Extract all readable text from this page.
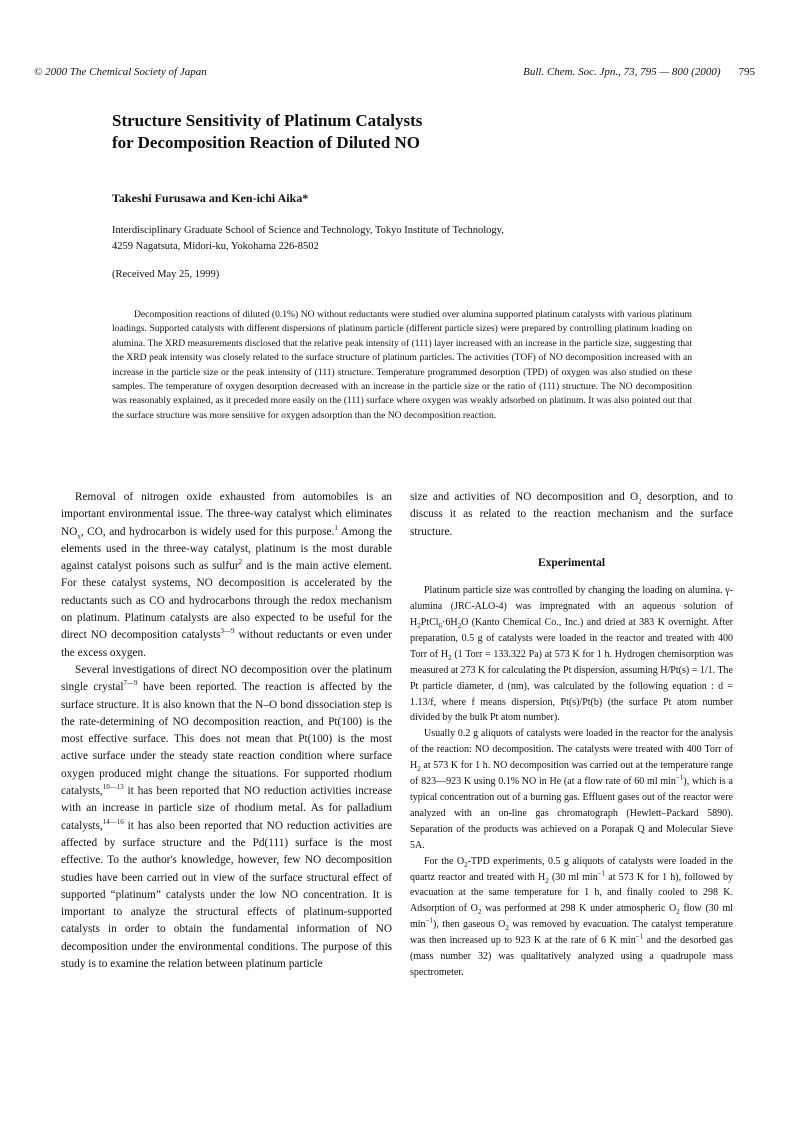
© 2000 The Chemical Society of Japan	Bull. Chem. Soc. Jpn., 73, 795 — 800 (2000) 795
Structure Sensitivity of Platinum Catalysts
for Decomposition Reaction of Diluted NO
Takeshi Furusawa and Ken-ichi Aika*
Interdisciplinary Graduate School of Science and Technology, Tokyo Institute of Technology,
4259 Nagatsuta, Midori-ku, Yokohama 226-8502
(Received May 25, 1999)
Decomposition reactions of diluted (0.1%) NO without reductants were studied over alumina supported platinum catalysts with various platinum loadings. Supported catalysts with different dispersions of platinum particle (different particle sizes) were prepared by controlling platinum loading on alumina. The XRD measurements disclosed that the relative peak intensity of (111) layer increased with an increase in the particle size, suggesting that the XRD peak intensity was closely related to the surface structure of platinum particles. The activities (TOF) of NO decomposition increased with an increase in the particle size or the peak intensity of (111) structure. Temperature programmed desorption (TPD) of oxygen was also studied on these samples. The temperature of oxygen desorption decreased with an increase in the particle size or the ratio of (111) structure. The NO decomposition was reasonably explained, as it preceded more easily on the (111) surface where oxygen was weakly adsorbed on platinum. It was also pointed out that the surface structure was more sensitive for oxygen adsorption than the NO decomposition reaction.

Removal of nitrogen oxide exhausted from automobiles is an important environmental issue. The three-way catalyst which eliminates $NO_x$, CO, and hydrocarbon is widely used for this purpose.$^1$ Among the elements used in the three-way catalyst, platinum is the most durable against catalyst poisons such as sulfur$^2$ and is the main active element. For these catalyst systems, NO decomposition is accelerated by the reductants such as CO and hydrocarbons through the redox mechanism on platinum. Platinum catalysts are also expected to be useful for the direct NO decomposition catalysts$^{3—9}$ without reductants or even under the excess oxygen.

Several investigations of direct NO decomposition over the platinum single crystal$^{7—9}$ have been reported. The reaction is affected by the surface structure. It is also known that the N–O bond dissociation step is the rate-determining of NO decomposition reaction, and Pt(100) is the most effective surface. This does not mean that Pt(100) is the most active surface under the steady state reaction condition where surface oxygen produced might change the situations. For supported rhodium catalysts,$^{10—13}$ it has been reported that NO reduction activities increase with an increase in particle size of rhodium metal. As for palladium catalysts,$^{14—16}$ it has also been reported that NO reduction activities are affected by surface structure and the Pd(111) surface is the most effective. To the author's knowledge, however, few NO decomposition studies have been carried out in view of the surface structural effect of supported “platinum” catalysts under the low NO concentration. It is important to analyze the structural effects of platinum-supported catalysts in order to obtain the fundamental information of NO decomposition under the environmental conditions. The purpose of this study is to examine the relation between platinum particle

size and activities of NO decomposition and $O_2$ desorption, and to discuss it as related to the reaction mechanism and the surface structure.

Experimental

Platinum particle size was controlled by changing the loading on alumina. γ-alumina (JRC-ALO-4) was impregnated with an aqueous solution of $H_2PtCl_6\cdot 6H_2O$ (Kanto Chemical Co., Inc.) and dried at 383 K overnight. After preparation, 0.5 g of catalysts were loaded in the reactor and treated with 400 Torr of $H_2$ (1 Torr = 133.322 Pa) at 573 K for 1 h. Hydrogen chemisorption was measured at 273 K for calculating the Pt dispersion, assuming H/Pt(s) = 1/1. The Pt particle diameter, d (nm), was calculated by the following equation : d = 1.13/f, where f means dispersion, Pt(s)/Pt(b) (the surface Pt atom number divided by the bulk Pt atom number).

Usually 0.2 g aliquots of catalysts were loaded in the reactor for the analysis of the reaction: NO decomposition. The catalysts were treated with 400 Torr of $H_2$ at 573 K for 1 h. NO decomposition was carried out at the temperature range of 823—923 K using 0.1% NO in He (at a flow rate of 60 ml $\min^{-1}$), which is a typical concentration out of a burning gas. Effluent gases out of the reactor were analyzed with an on-line gas chromatograph (Hewlett–Packard 5890). Separation of the products was achieved on a Porapak Q and Molecular Sieve 5A.

For the $O_2$-TPD experiments, 0.5 g aliquots of catalysts were loaded in the quartz reactor and treated with $H_2$ (30 ml $\min^{-1}$ at 573 K for 1 h), followed by evacuation at the same temperature for 1 h, and finally cooled to 298 K. Adsorption of $O_2$ was performed at 298 K under atmospheric $O_2$ flow (30 ml $\min^{-1}$), then gaseous $O_2$ was removed by evacuation. The catalyst temperature was then increased up to 923 K at the rate of 6 K $\min^{-1}$ and the desorbed gas (mass number 32) was qualitatively analyzed using a quadrupole mass spectrometer.
